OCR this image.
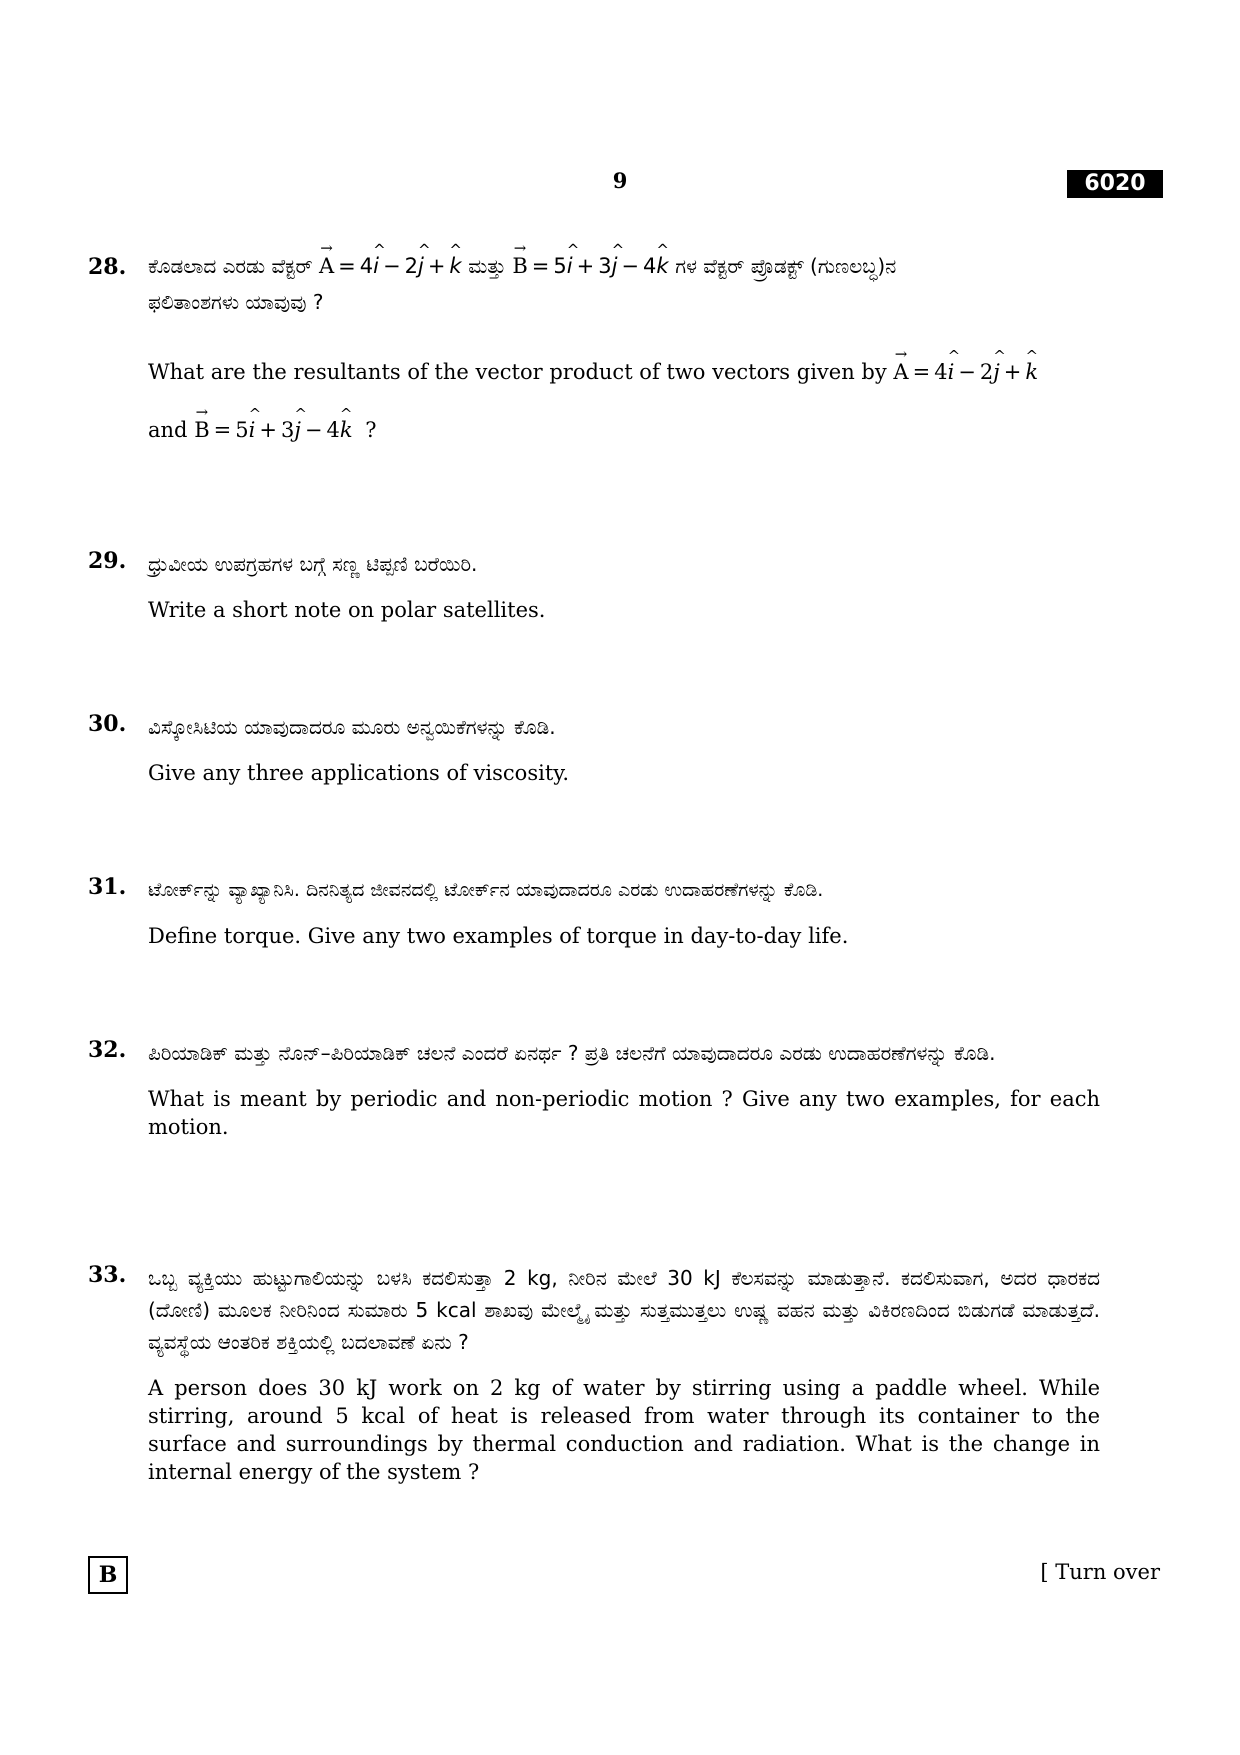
9	6020
28. ಕೊಡಲಾದ ಎರಡು ವೆಕ್ಟರ್
→
A = 4
^
i − 2
^
j +
^
k ಮತ್ತು
→
B = 5
^
i + 3
^
j − 4
^
k ಗಳ ವೆಕ್ಟರ್ ಪ್ರೊಡಕ್ಟ್ (ಗುಣಲಬ್ಧ)ನ
ಫಲಿತಾಂಶಗಳು ಯಾವುವು ?
What are the resultants of the vector product of two vectors given by
→
A = 4
^
i − 2
^
j +
^
k
and
→
B = 5
^
i + 3
^
j − 4
^
k ?
29. ಧ್ರುವೀಯ ಉಪಗ್ರಹಗಳ ಬಗ್ಗೆ ಸಣ್ಣ ಟಿಪ್ಪಣಿ ಬರೆಯಿರಿ.
Write a short note on polar satellites.
30. ವಿಸ್ಕೋಸಿಟಿಯ ಯಾವುದಾದರೂ ಮೂರು ಅನ್ವಯಿಕೆಗಳನ್ನು ಕೊಡಿ.
Give any three applications of viscosity.
31. ಟೋರ್ಕ್‌ನ್ನು ವ್ಯಾಖ್ಯಾನಿಸಿ. ದಿನನಿತ್ಯದ ಜೀವನದಲ್ಲಿ ಟೋರ್ಕ್‌ನ ಯಾವುದಾದರೂ ಎರಡು ಉದಾಹರಣೆಗಳನ್ನು ಕೊಡಿ.
Define torque. Give any two examples of torque in day-to-day life.
32. ಪಿರಿಯಾಡಿಕ್ ಮತ್ತು ನೊನ್–ಪಿರಿಯಾಡಿಕ್ ಚಲನೆ ಎಂದರೆ ಏನರ್ಥ ? ಪ್ರತಿ ಚಲನೆಗೆ ಯಾವುದಾದರೂ ಎರಡು ಉದಾಹರಣೆಗಳನ್ನು ಕೊಡಿ.
What is meant by periodic and non-periodic motion ? Give any two examples, for each motion.
33. ಒಬ್ಬ ವ್ಯಕ್ತಿಯು ಹುಟ್ಟುಗಾಲಿಯನ್ನು ಬಳಸಿ ಕದಲಿಸುತ್ತಾ 2 kg, ನೀರಿನ ಮೇಲೆ 30 kJ ಕೆಲಸವನ್ನು ಮಾಡುತ್ತಾನೆ. ಕದಲಿಸುವಾಗ, ಅದರ ಧಾರಕದ (ದೋಣಿ) ಮೂಲಕ ನೀರಿನಿಂದ ಸುಮಾರು 5 kcal ಶಾಖವು ಮೇಲ್ಮೈ ಮತ್ತು ಸುತ್ತಮುತ್ತಲು ಉಷ್ಣ ವಹನ ಮತ್ತು ವಿಕಿರಣದಿಂದ ಬಿಡುಗಡೆ ಮಾಡುತ್ತದೆ. ವ್ಯವಸ್ಥೆಯ ಆಂತರಿಕ ಶಕ್ತಿಯಲ್ಲಿ ಬದಲಾವಣೆ ಏನು ?
A person does 30 kJ work on 2 kg of water by stirring using a paddle wheel. While stirring, around 5 kcal of heat is released from water through its container to the surface and surroundings by thermal conduction and radiation. What is the change in internal energy of the system ?
B	[ Turn over
